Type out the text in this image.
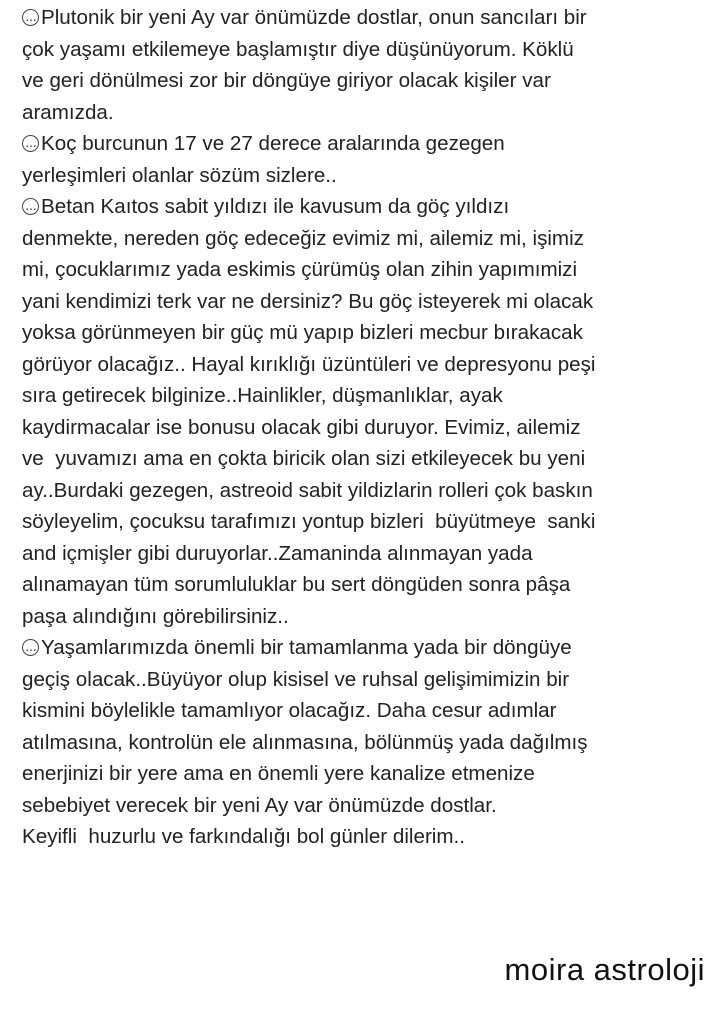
···Plutonik bir yeni Ay var önümüzde dostlar, onun sancıları bir
çok yaşamı etkilemeye başlamıştır diye düşünüyorum. Köklü
ve geri dönülmesi zor bir döngüye giriyor olacak kişiler var
aramızda.

···Koç burcunun 17 ve 27 derece aralarında gezegen
yerleşimleri olanlar sözüm sizlere..

···Betan Kaıtos sabit yıldızı ile kavusum da göç yıldızı
denmekte, nereden göç edeceğiz evimiz mi, ailemiz mi, işimiz
mi, çocuklarımız yada eskimis çürümüş olan zihin yapımımizi
yani kendimizi terk var ne dersiniz? Bu göç isteyerek mi olacak
yoksa görünmeyen bir güç mü yapıp bizleri mecbur bırakacak
görüyor olacağız.. Hayal kırıklığı üzüntüleri ve depresyonu peşi
sıra getirecek bilginize..Hainlikler, düşmanlıklar, ayak
kaydirmacalar ise bonusu olacak gibi duruyor. Evimiz, ailemiz
ve  yuvamızı ama en çokta biricik olan sizi etkileyecek bu yeni
ay..Burdaki gezegen, astreoid sabit yildizlarin rolleri çok baskın
söyleyelim, çocuksu tarafımızı yontup bizleri  büyütmeye  sanki
and içmişler gibi duruyorlar..Zamaninda alınmayan yada
alınamayan tüm sorumluluklar bu sert döngüden sonra pâşa
paşa alındığını görebilirsiniz..

···Yaşamlarımızda önemli bir tamamlanma yada bir döngüye
geçiş olacak..Büyüyor olup kisisel ve ruhsal gelişimimizin bir
kismini böylelikle tamamlıyor olacağız. Daha cesur adımlar
atılmasına, kontrolün ele alınmasına, bölünmüş yada dağılmış
enerjinizi bir yere ama en önemli yere kanalize etmenize
sebebiyet verecek bir yeni Ay var önümüzde dostlar.
Keyifli  huzurlu ve farkındalığı bol günler dilerim..

moira astroloji
